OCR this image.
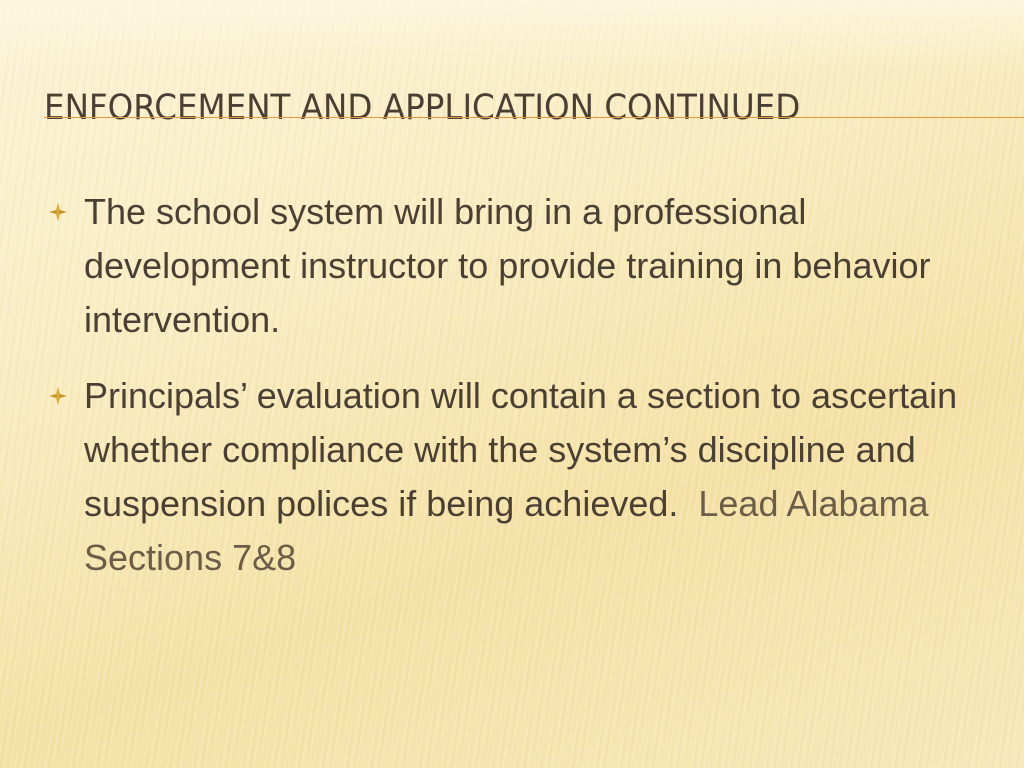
ENFORCEMENT AND APPLICATION CONTINUED
The school system will bring in a professional development instructor to provide training in behavior intervention.
Principals’ evaluation will contain a section to ascertain whether compliance with the system’s discipline and suspension polices if being achieved.  Lead Alabama Sections 7&8
